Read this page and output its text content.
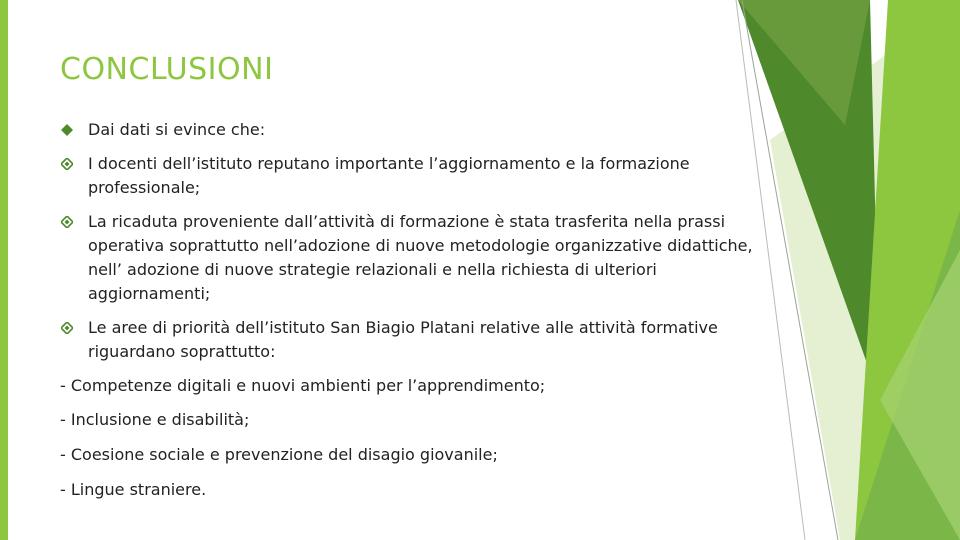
CONCLUSIONI
Dai dati si evince che:
I docenti dell’istituto reputano importante l’aggiornamento e la formazione professionale;
La ricaduta proveniente dall’attività di formazione è stata trasferita nella prassi operativa soprattutto nell’adozione di nuove metodologie organizzative didattiche, nell’ adozione di nuove strategie relazionali e nella richiesta di ulteriori aggiornamenti;
Le aree di priorità dell’istituto San Biagio Platani relative alle attività formative riguardano soprattutto:
- Competenze digitali e nuovi ambienti per l’apprendimento;
- Inclusione e disabilità;
- Coesione sociale e prevenzione del disagio giovanile;
- Lingue straniere.
